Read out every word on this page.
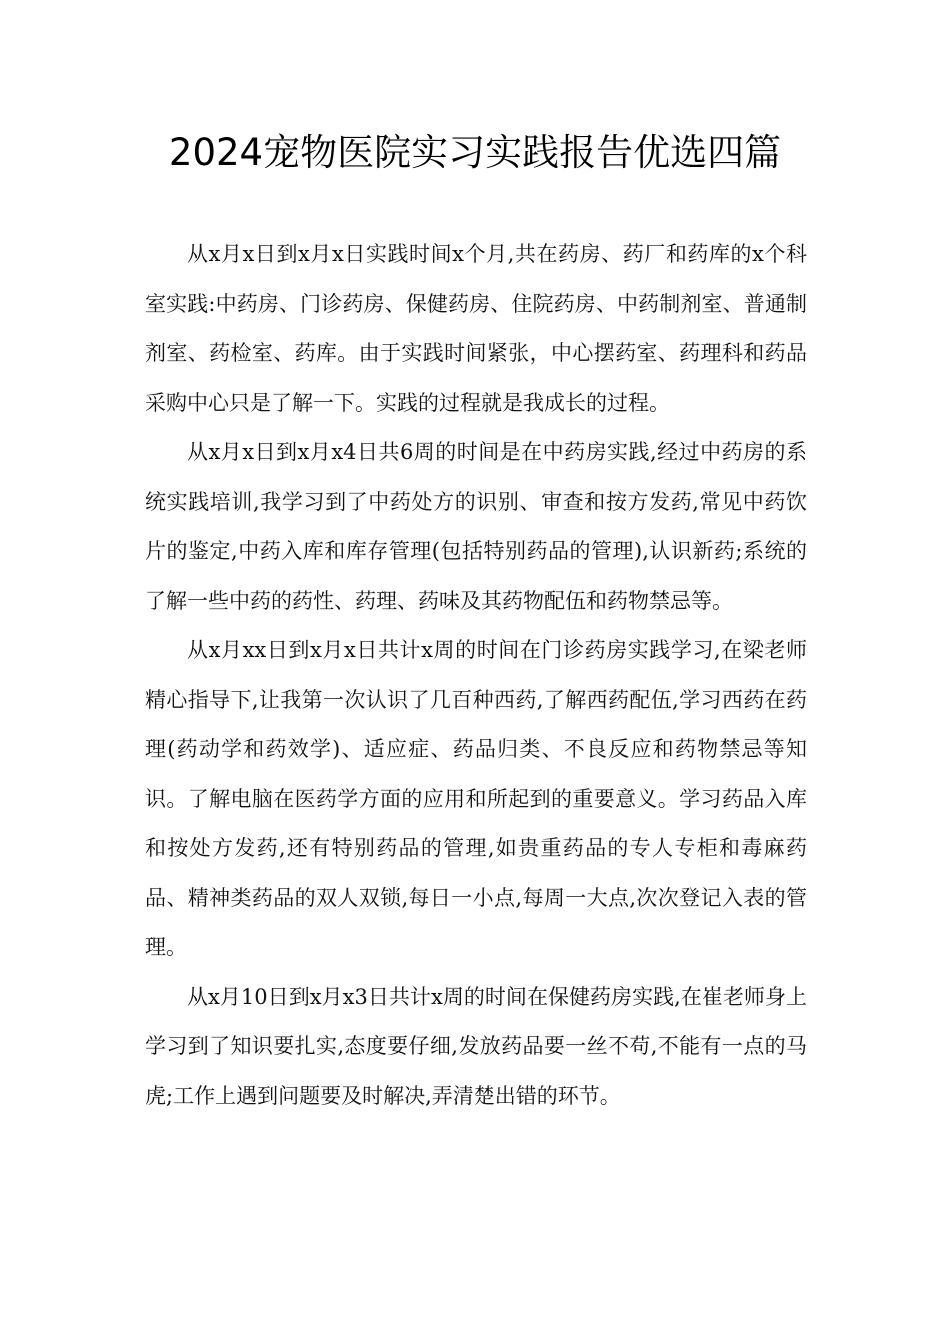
2024宠物医院实习实践报告优选四篇

从x月x日到x月x日实践时间x个月,共在药房、药厂和药库的x个科室实践:中药房、门诊药房、保健药房、住院药房、中药制剂室、普通制剂室、药检室、药库。由于实践时间紧张，中心摆药室、药理科和药品采购中心只是了解一下。实践的过程就是我成长的过程。

从x月x日到x月x4日共6周的时间是在中药房实践,经过中药房的系统实践培训,我学习到了中药处方的识别、审查和按方发药,常见中药饮片的鉴定,中药入库和库存管理(包括特别药品的管理),认识新药;系统的了解一些中药的药性、药理、药味及其药物配伍和药物禁忌等。

从x月xx日到x月x日共计x周的时间在门诊药房实践学习,在梁老师精心指导下,让我第一次认识了几百种西药,了解西药配伍,学习西药在药理(药动学和药效学)、适应症、药品归类、不良反应和药物禁忌等知识。了解电脑在医药学方面的应用和所起到的重要意义。学习药品入库和按处方发药,还有特别药品的管理,如贵重药品的专人专柜和毒麻药品、精神类药品的双人双锁,每日一小点,每周一大点,次次登记入表的管理。

从x月10日到x月x3日共计x周的时间在保健药房实践,在崔老师身上学习到了知识要扎实,态度要仔细,发放药品要一丝不苟,不能有一点的马虎;工作上遇到问题要及时解决,弄清楚出错的环节。
